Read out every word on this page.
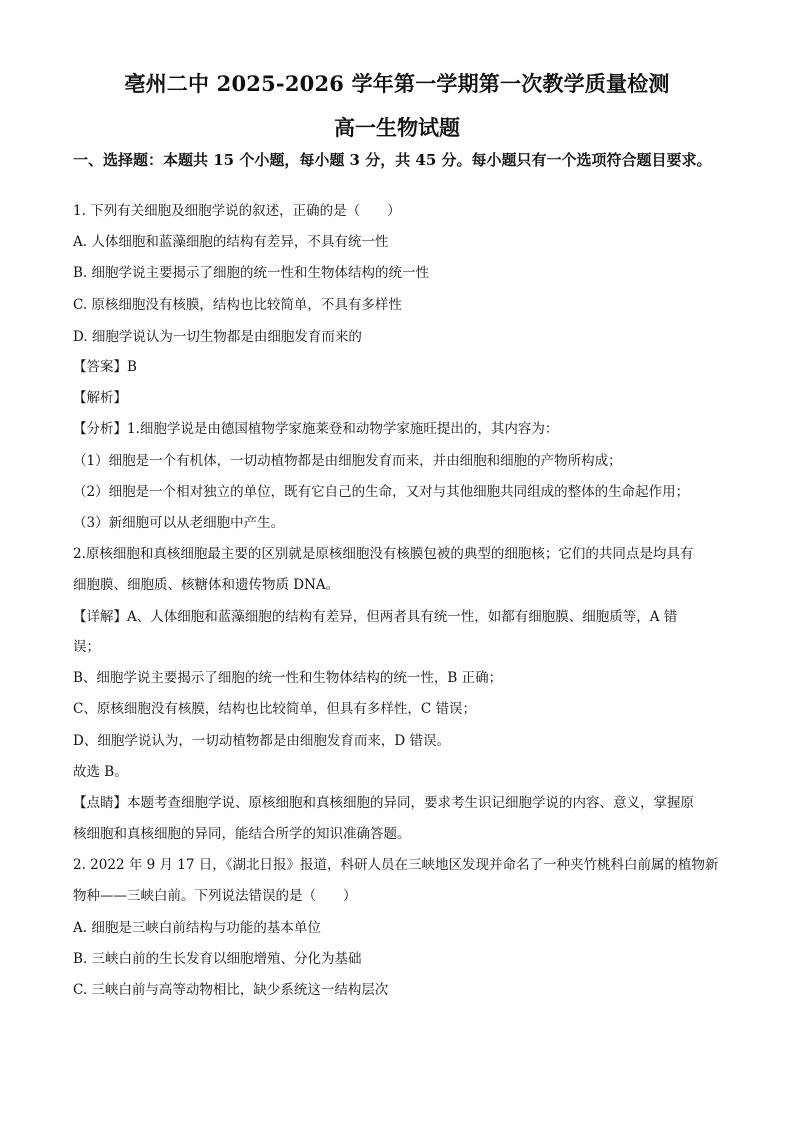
亳州二中 2025-2026 学年第一学期第一次教学质量检测
高一生物试题
一、选择题：本题共 15 个小题，每小题 3 分，共 45 分。每小题只有一个选项符合题目要求。
1. 下列有关细胞及细胞学说的叙述，正确的是（　　）
A. 人体细胞和蓝藻细胞的结构有差异，不具有统一性
B. 细胞学说主要揭示了细胞的统一性和生物体结构的统一性
C. 原核细胞没有核膜，结构也比较简单，不具有多样性
D. 细胞学说认为一切生物都是由细胞发育而来的
【答案】B
【解析】
【分析】1.细胞学说是由德国植物学家施莱登和动物学家施旺提出的，其内容为：
（1）细胞是一个有机体，一切动植物都是由细胞发育而来，并由细胞和细胞的产物所构成；
（2）细胞是一个相对独立的单位，既有它自己的生命，又对与其他细胞共同组成的整体的生命起作用；
（3）新细胞可以从老细胞中产生。
2.原核细胞和真核细胞最主要的区别就是原核细胞没有核膜包被的典型的细胞核；它们的共同点是均具有
细胞膜、细胞质、核糖体和遗传物质 DNA。
【详解】A、人体细胞和蓝藻细胞的结构有差异，但两者具有统一性，如都有细胞膜、细胞质等，A 错
误；
B、细胞学说主要揭示了细胞的统一性和生物体结构的统一性，B 正确；
C、原核细胞没有核膜，结构也比较简单，但具有多样性，C 错误；
D、细胞学说认为，一切动植物都是由细胞发育而来，D 错误。
故选 B。
【点睛】本题考查细胞学说、原核细胞和真核细胞的异同，要求考生识记细胞学说的内容、意义，掌握原
核细胞和真核细胞的异同，能结合所学的知识准确答题。
2. 2022 年 9 月 17 日，《湖北日报》报道，科研人员在三峡地区发现并命名了一种夹竹桃科白前属的植物新
物种——三峡白前。下列说法错误的是（　　）
A. 细胞是三峡白前结构与功能的基本单位
B. 三峡白前的生长发育以细胞增殖、分化为基础
C. 三峡白前与高等动物相比，缺少系统这一结构层次
